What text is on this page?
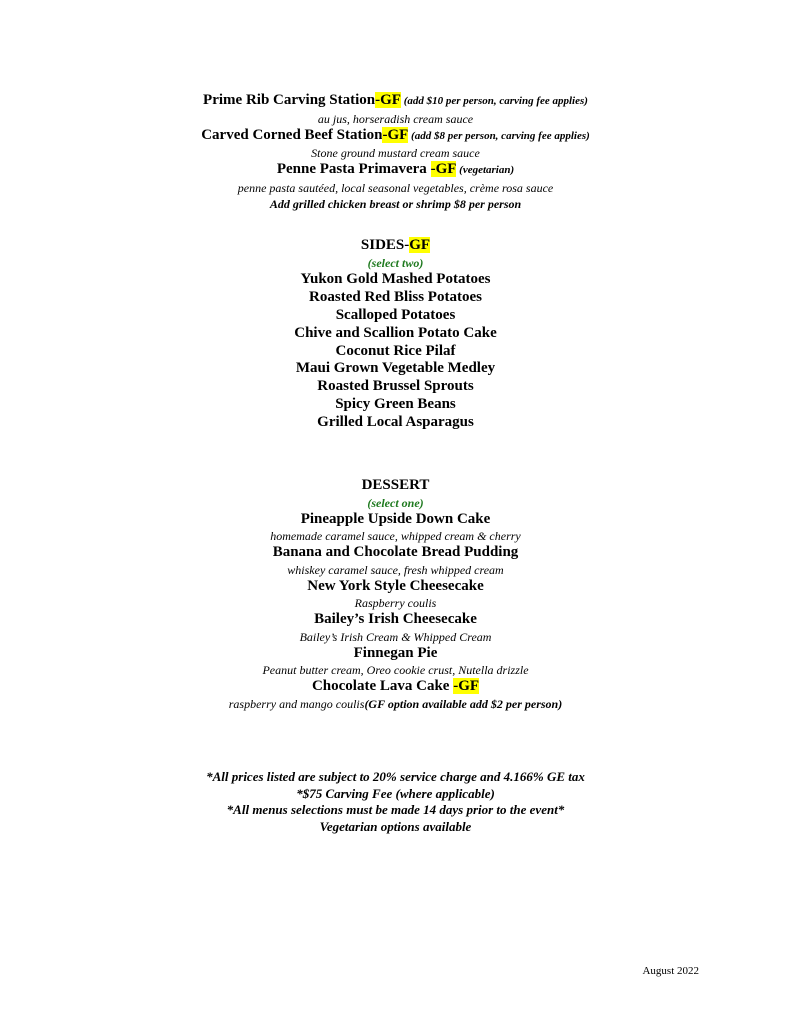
Prime Rib Carving Station-GF (add $10 per person, carving fee applies)
au jus, horseradish cream sauce
Carved Corned Beef Station-GF (add $8 per person, carving fee applies)
Stone ground mustard cream sauce
Penne Pasta Primavera -GF (vegetarian)
penne pasta sautéed, local seasonal vegetables, crème rosa sauce
Add grilled chicken breast or shrimp $8 per person
SIDES-GF
(select two)
Yukon Gold Mashed Potatoes
Roasted Red Bliss Potatoes
Scalloped Potatoes
Chive and Scallion Potato Cake
Coconut Rice Pilaf
Maui Grown Vegetable Medley
Roasted Brussel Sprouts
Spicy Green Beans
Grilled Local Asparagus
DESSERT
(select one)
Pineapple Upside Down Cake
homemade caramel sauce, whipped cream & cherry
Banana and Chocolate Bread Pudding
whiskey caramel sauce, fresh whipped cream
New York Style Cheesecake
Raspberry coulis
Bailey’s Irish Cheesecake
Bailey’s Irish Cream & Whipped Cream
Finnegan Pie
Peanut butter cream, Oreo cookie crust, Nutella drizzle
Chocolate Lava Cake -GF
raspberry and mango coulis(GF option available add $2 per person)
*All prices listed are subject to 20% service charge and 4.166% GE tax
*$75 Carving Fee (where applicable)
*All menus selections must be made 14 days prior to the event*
Vegetarian options available
August 2022
